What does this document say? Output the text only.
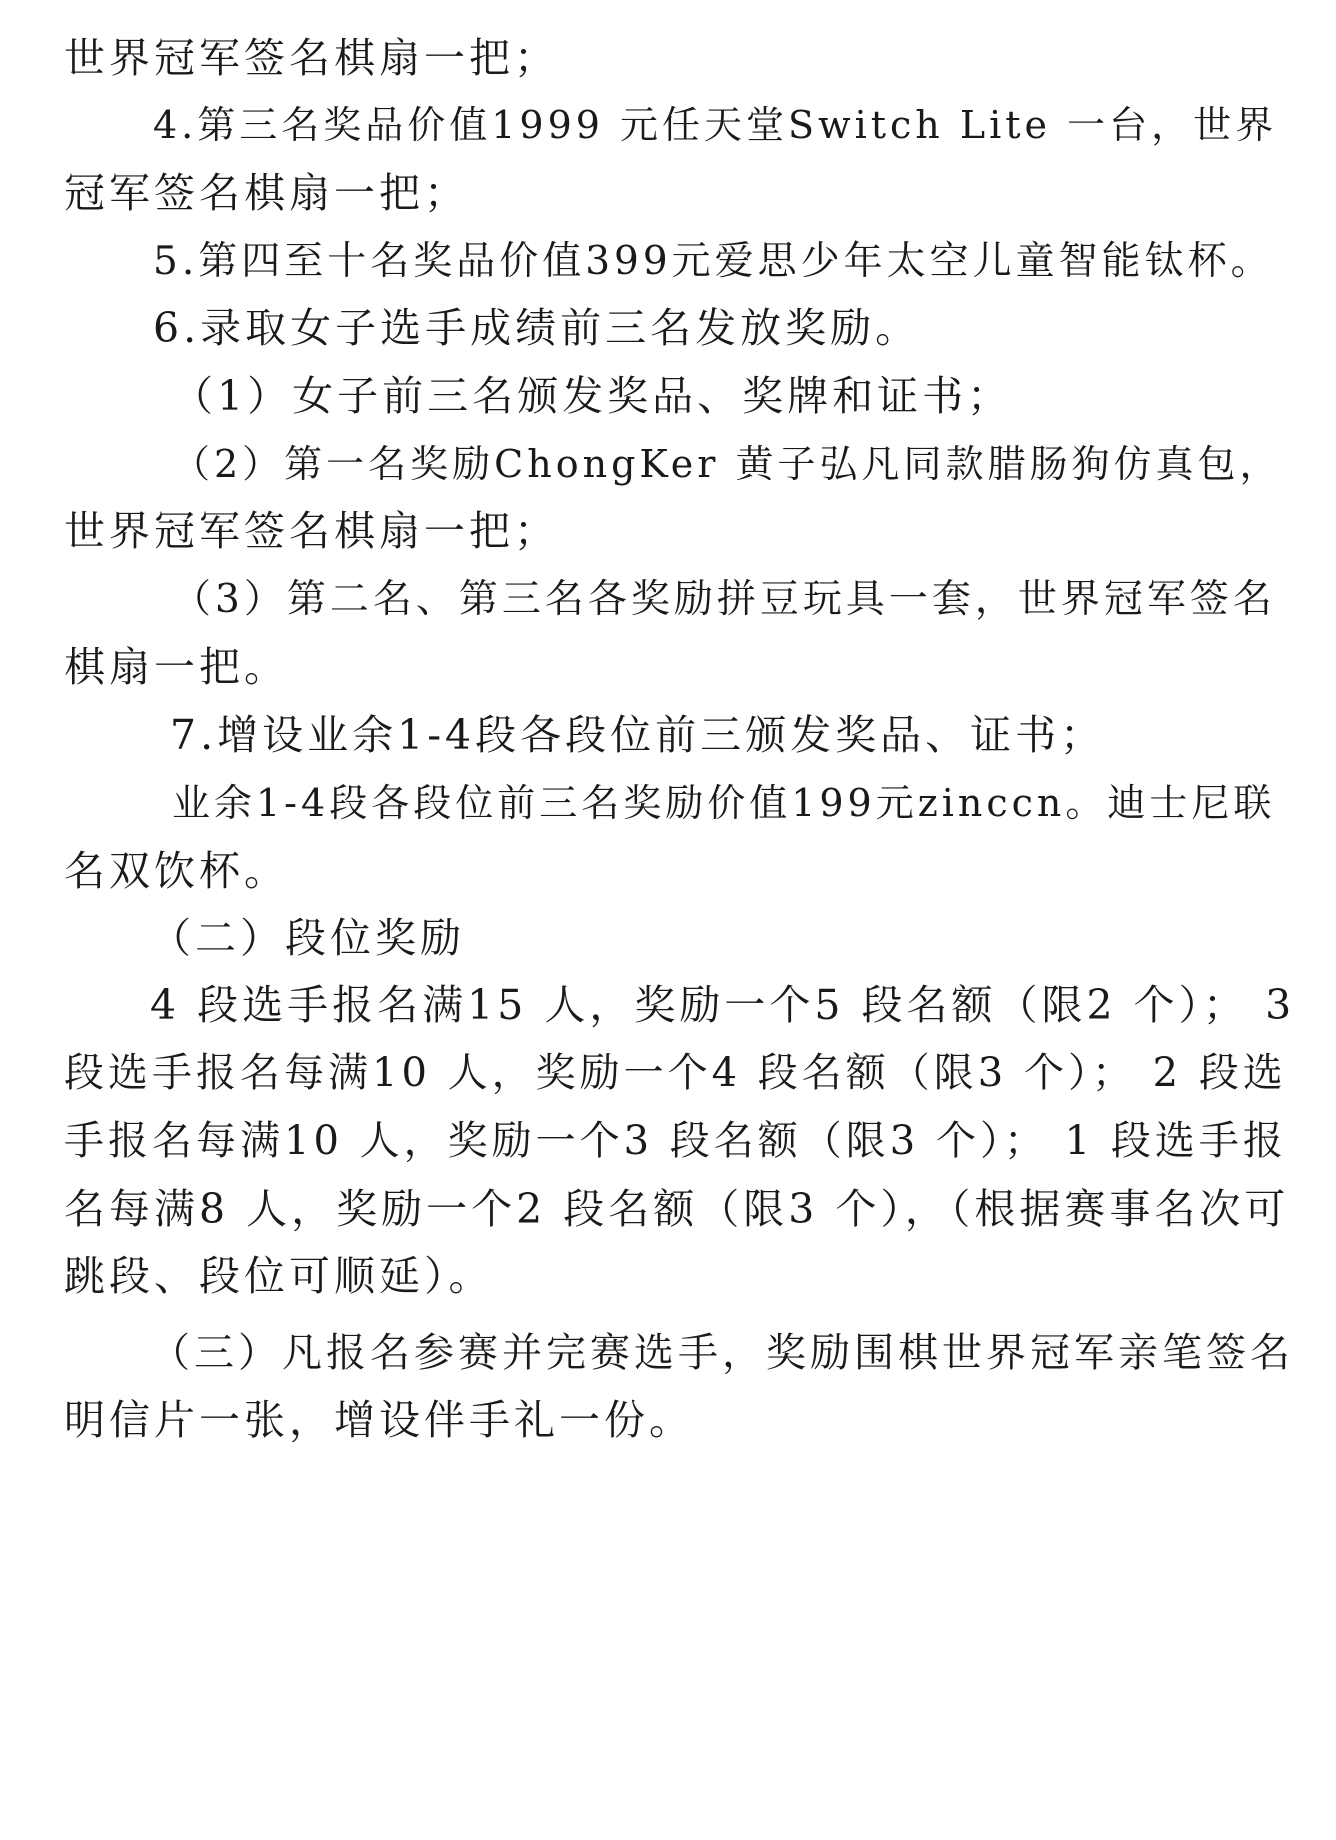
世界冠军签名棋扇一把；
4.第三名奖品价值1999 元任天堂Switch Lite 一台，世界
冠军签名棋扇一把；
5.第四至十名奖品价值399元爱思少年太空儿童智能钛杯。
6.录取女子选手成绩前三名发放奖励。
（1）女子前三名颁发奖品、奖牌和证书；
（2）第一名奖励ChongKer 黄子弘凡同款腊肠狗仿真包，
世界冠军签名棋扇一把；
（3）第二名、第三名各奖励拼豆玩具一套，世界冠军签名
棋扇一把。
7.增设业余1-4段各段位前三颁发奖品、证书；
业余1-4段各段位前三名奖励价值199元zinccn。迪士尼联
名双饮杯。
（二）段位奖励
4 段选手报名满15 人，奖励一个5 段名额（限2 个）； 3
段选手报名每满10 人，奖励一个4 段名额（限3 个）； 2 段选
手报名每满10 人，奖励一个3 段名额（限3 个）； 1 段选手报
名每满8 人，奖励一个2 段名额（限3 个），（根据赛事名次可
跳段、段位可顺延）。
（三）凡报名参赛并完赛选手，奖励围棋世界冠军亲笔签名
明信片一张，增设伴手礼一份。
